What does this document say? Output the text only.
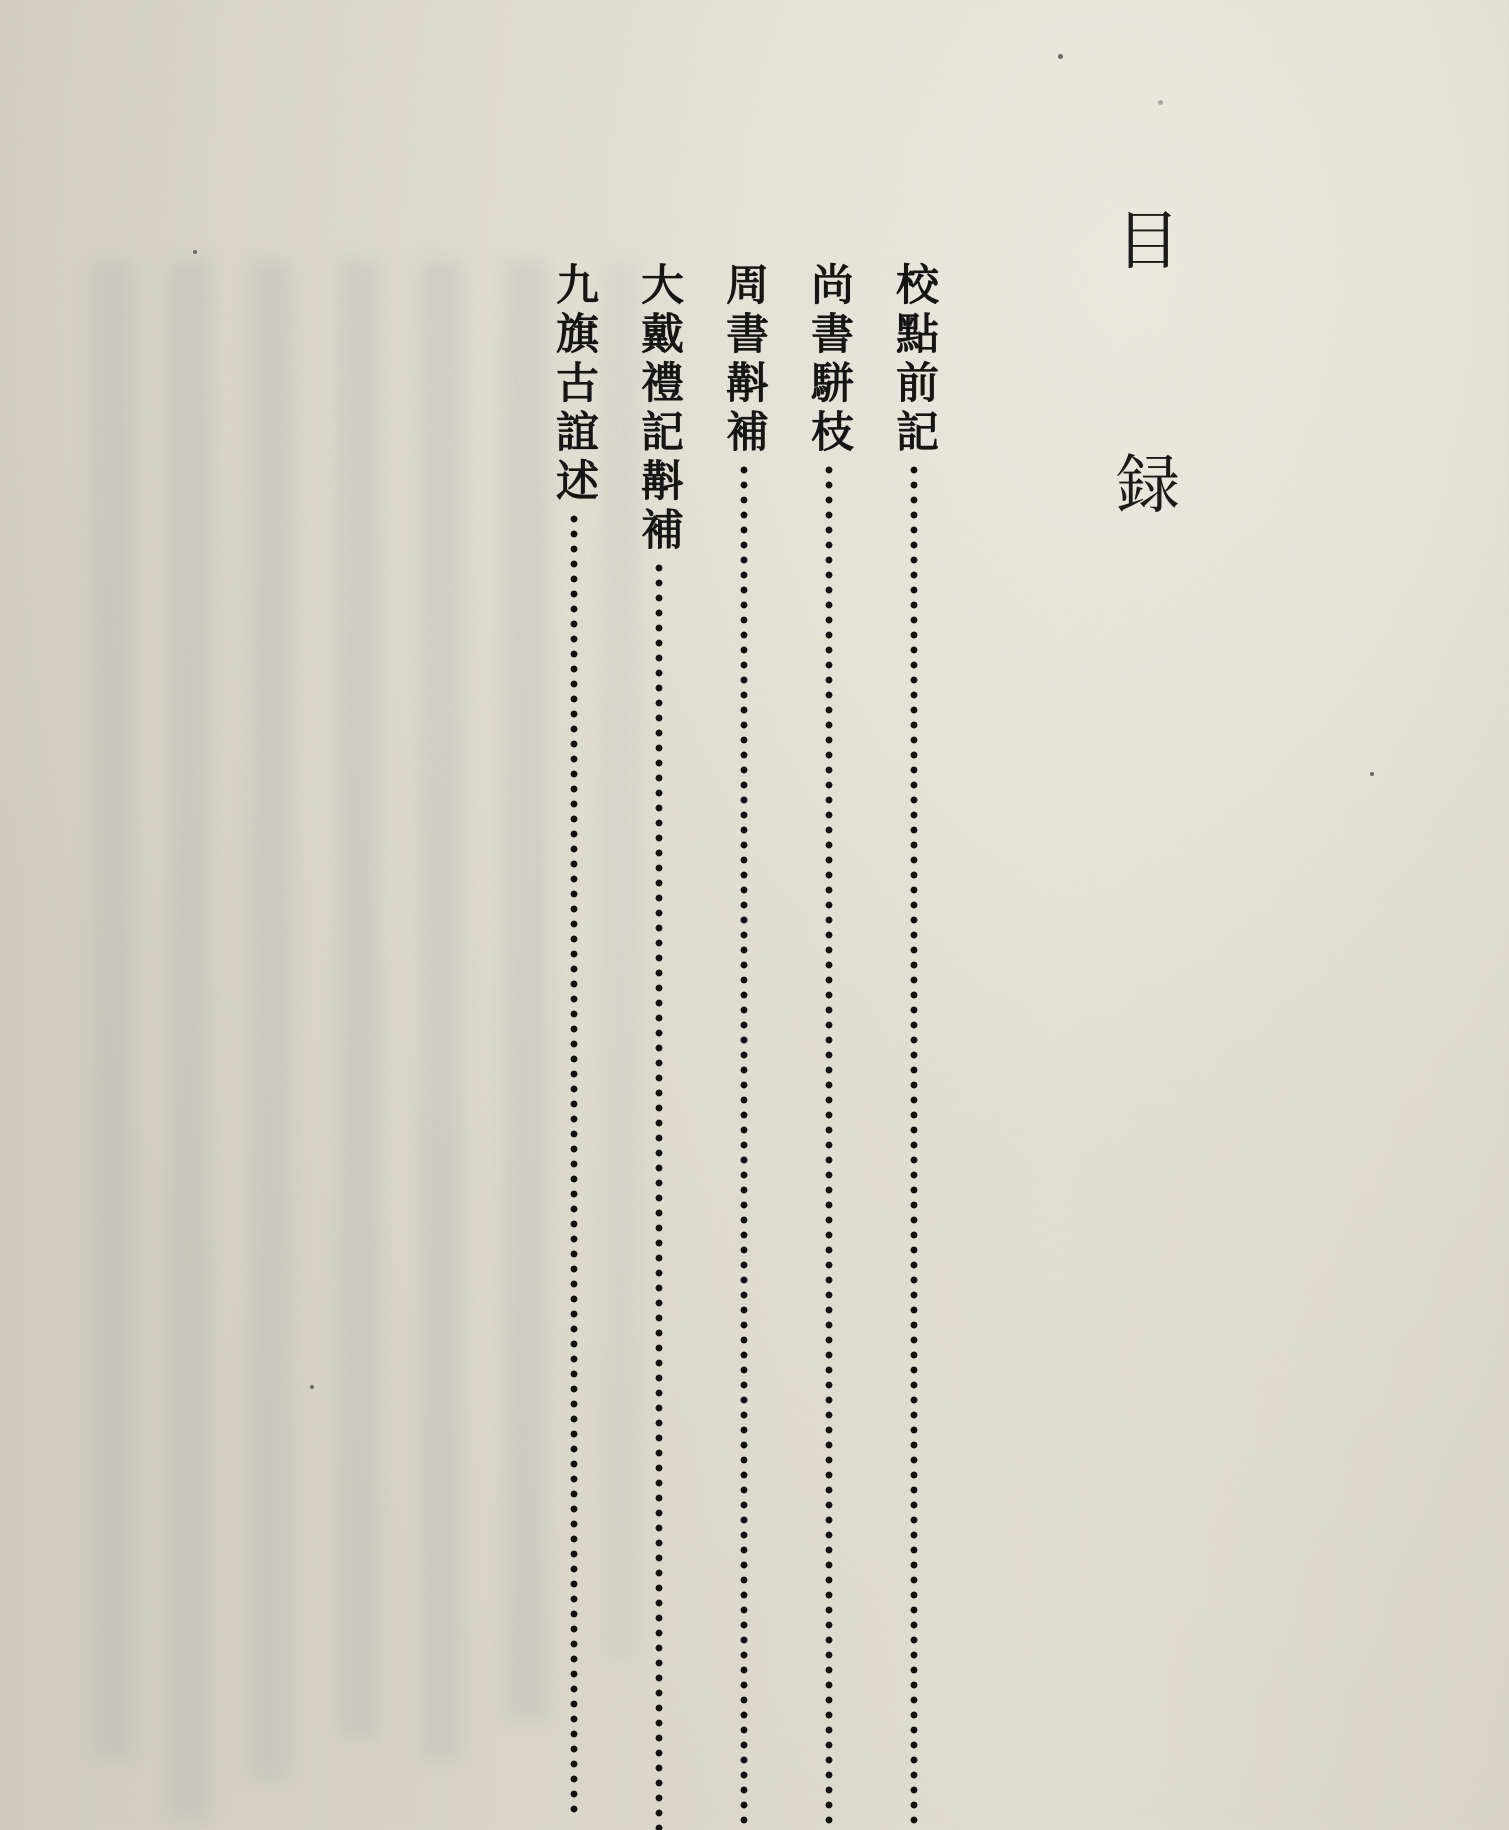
目
録
校點前記
尚書駢枝
周書斠補
大戴禮記斠補
九旗古誼述
